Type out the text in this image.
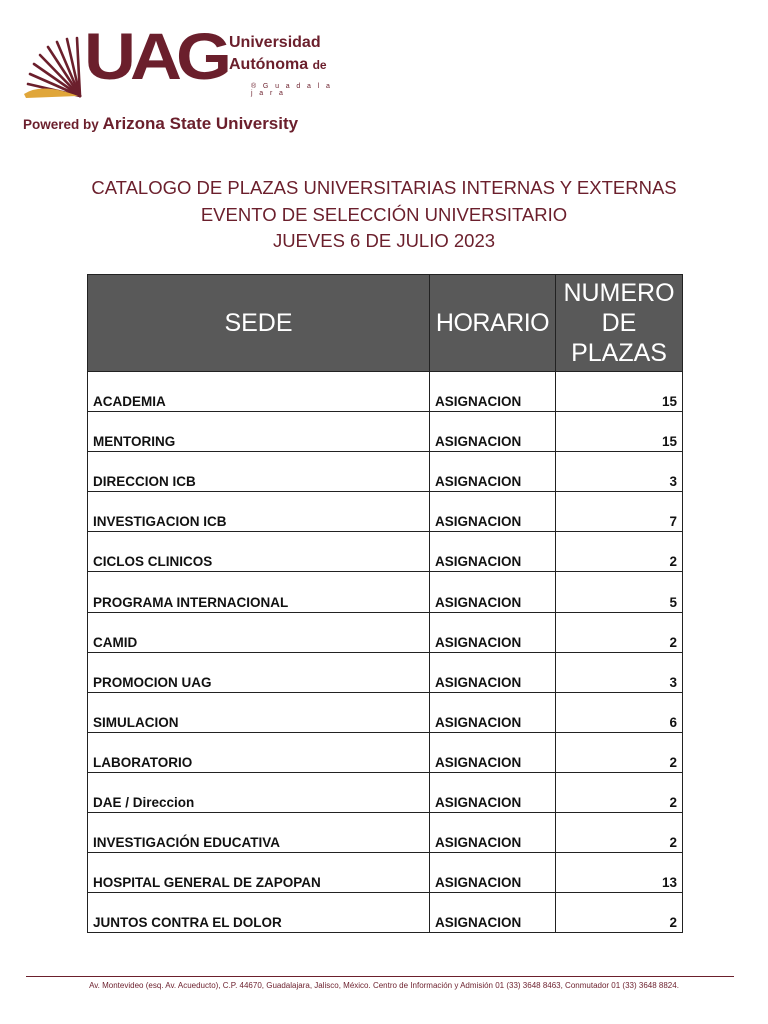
UAG Universidad
Autónoma de
® G u a d a l a j a r a
Powered by Arizona State University
CATALOGO DE PLAZAS UNIVERSITARIAS INTERNAS Y EXTERNAS
EVENTO DE SELECCIÓN UNIVERSITARIO
JUEVES 6 DE JULIO 2023
SEDE	HORARIO	NUMERO
DE
PLAZAS

ACADEMIA	ASIGNACION	15
MENTORING	ASIGNACION	15
DIRECCION ICB	ASIGNACION	3
INVESTIGACION ICB	ASIGNACION	7
CICLOS CLINICOS	ASIGNACION	2
PROGRAMA INTERNACIONAL	ASIGNACION	5
CAMID	ASIGNACION	2
PROMOCION UAG	ASIGNACION	3
SIMULACION	ASIGNACION	6
LABORATORIO	ASIGNACION	2
DAE / Direccion	ASIGNACION	2
INVESTIGACIÓN EDUCATIVA	ASIGNACION	2
HOSPITAL GENERAL DE ZAPOPAN	ASIGNACION	13
JUNTOS CONTRA EL DOLOR	ASIGNACION	2
Av. Montevideo (esq. Av. Acueducto), C.P. 44670, Guadalajara, Jalisco, México. Centro de Información y Admisión 01 (33) 3648 8463, Conmutador 01 (33) 3648 8824.
